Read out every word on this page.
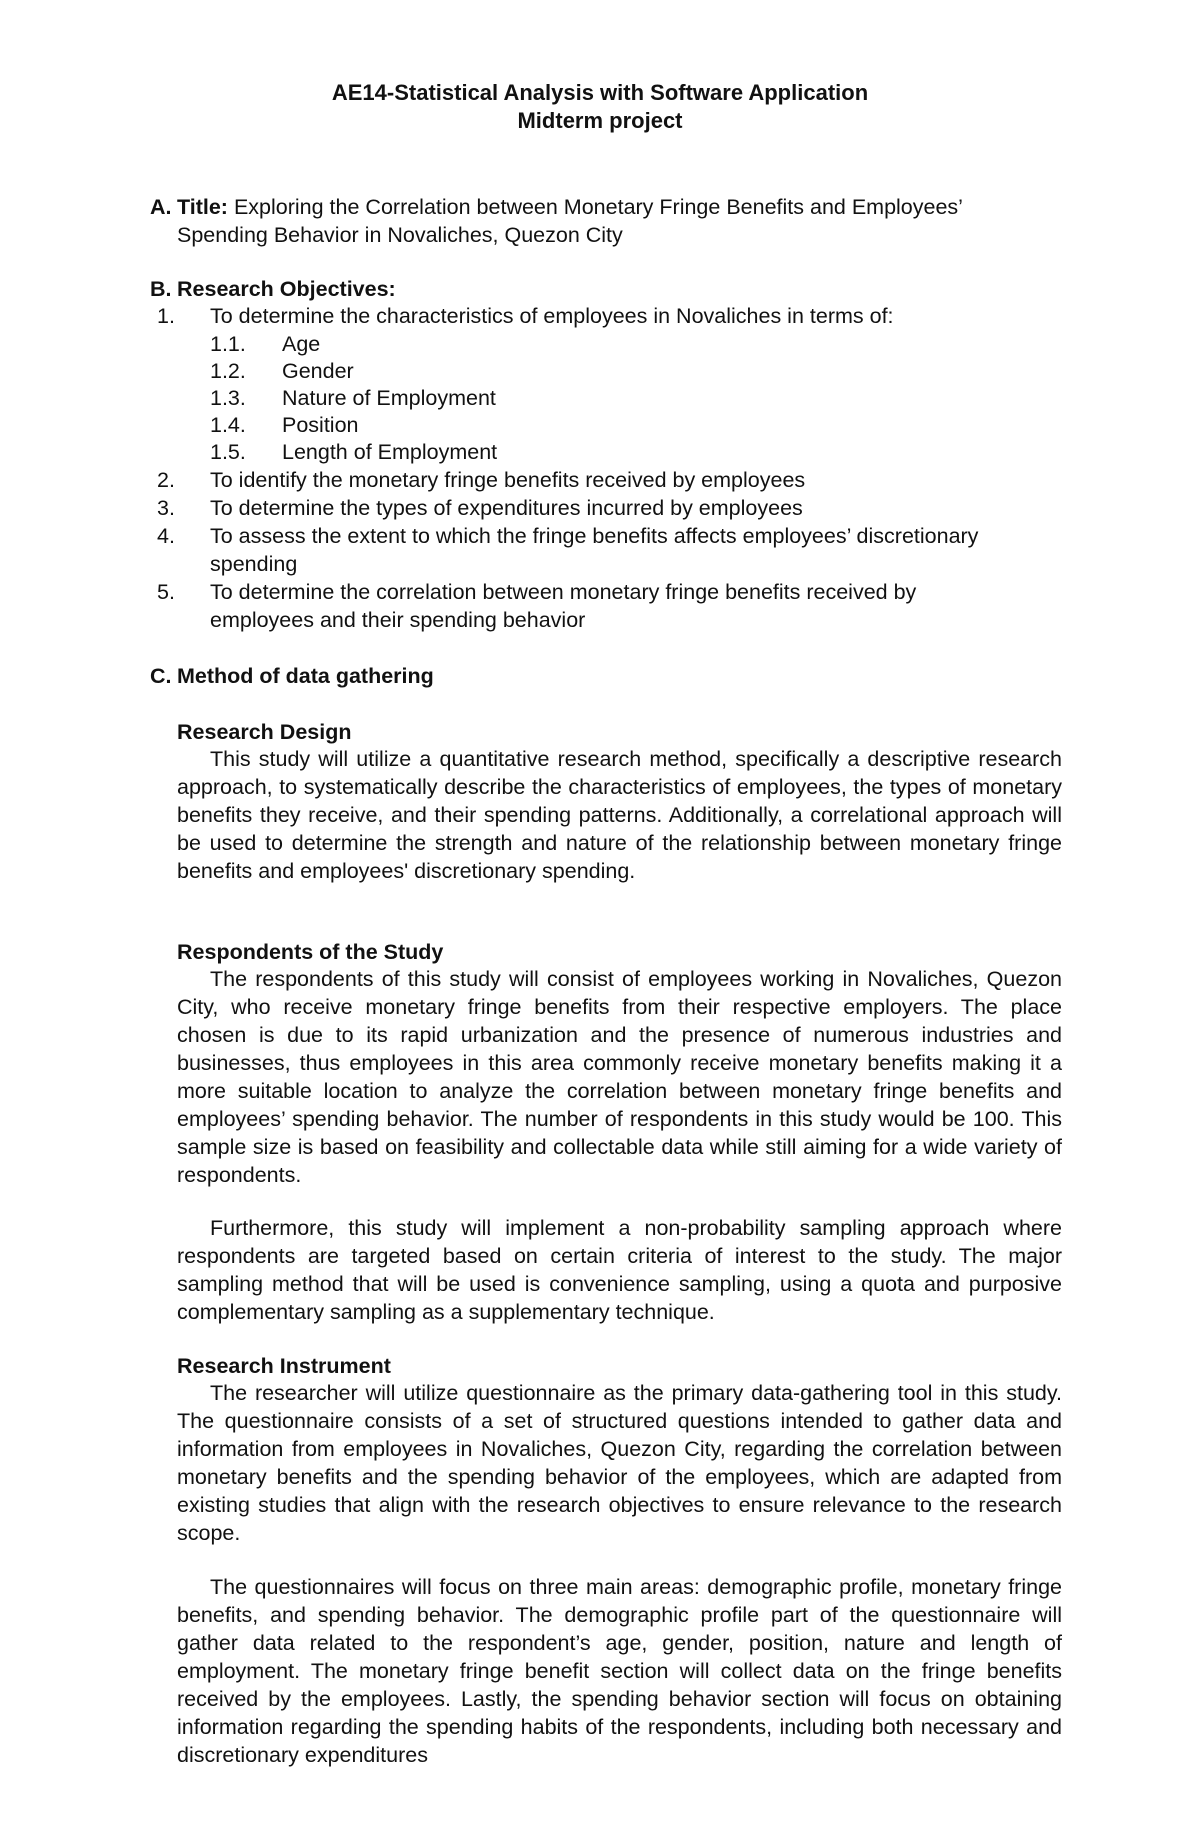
AE14-Statistical Analysis with Software Application
Midterm project
A. Title: Exploring the Correlation between Monetary Fringe Benefits and Employees’ Spending Behavior in Novaliches, Quezon City
B. Research Objectives:
1. To determine the characteristics of employees in Novaliches in terms of:
1.1. Age
1.2. Gender
1.3. Nature of Employment
1.4. Position
1.5. Length of Employment
2. To identify the monetary fringe benefits received by employees
3. To determine the types of expenditures incurred by employees
4. To assess the extent to which the fringe benefits affects employees’ discretionary spending
5. To determine the correlation between monetary fringe benefits received by employees and their spending behavior
C. Method of data gathering
Research Design
This study will utilize a quantitative research method, specifically a descriptive research approach, to systematically describe the characteristics of employees, the types of monetary benefits they receive, and their spending patterns. Additionally, a correlational approach will be used to determine the strength and nature of the relationship between monetary fringe benefits and employees' discretionary spending.
Respondents of the Study
The respondents of this study will consist of employees working in Novaliches, Quezon City, who receive monetary fringe benefits from their respective employers. The place chosen is due to its rapid urbanization and the presence of numerous industries and businesses, thus employees in this area commonly receive monetary benefits making it a more suitable location to analyze the correlation between monetary fringe benefits and employees’ spending behavior. The number of respondents in this study would be 100. This sample size is based on feasibility and collectable data while still aiming for a wide variety of respondents.
Furthermore, this study will implement a non-probability sampling approach where respondents are targeted based on certain criteria of interest to the study. The major sampling method that will be used is convenience sampling, using a quota and purposive complementary sampling as a supplementary technique.
Research Instrument
The researcher will utilize questionnaire as the primary data-gathering tool in this study. The questionnaire consists of a set of structured questions intended to gather data and information from employees in Novaliches, Quezon City, regarding the correlation between monetary benefits and the spending behavior of the employees, which are adapted from existing studies that align with the research objectives to ensure relevance to the research scope.
The questionnaires will focus on three main areas: demographic profile, monetary fringe benefits, and spending behavior. The demographic profile part of the questionnaire will gather data related to the respondent’s age, gender, position, nature and length of employment. The monetary fringe benefit section will collect data on the fringe benefits received by the employees. Lastly, the spending behavior section will focus on obtaining information regarding the spending habits of the respondents, including both necessary and discretionary expenditures
